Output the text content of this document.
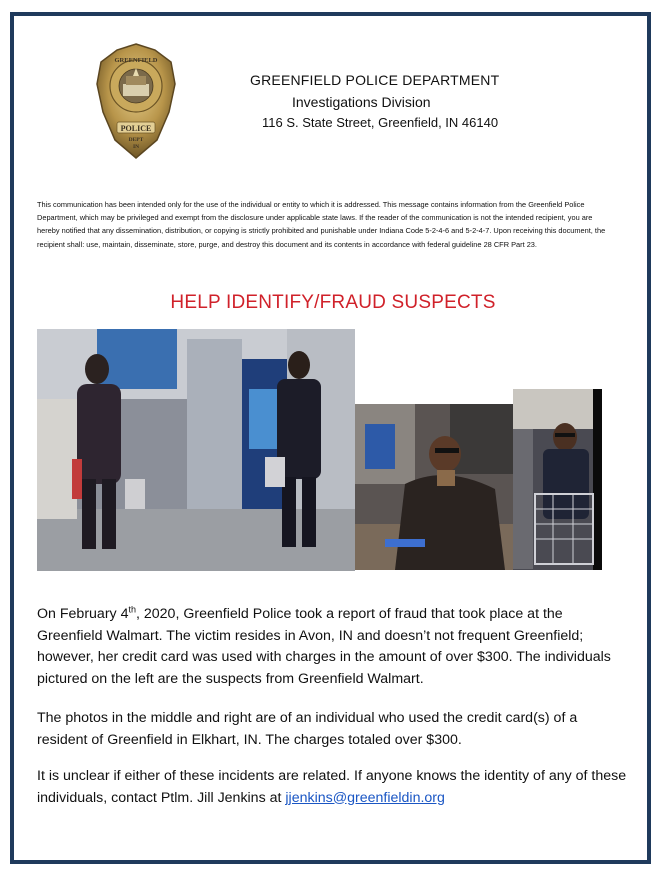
GREENFIELD
POLICE
DEPT
IN
GREENFIELD POLICE DEPARTMENT
Investigations Division
116 S. State Street, Greenfield, IN 46140
This communication has been intended only for the use of the individual or entity to which it is addressed. This message contains information from the Greenfield Police Department, which may be privileged and exempt from the disclosure under applicable state laws. If the reader of the communication is not the intended recipient, you are hereby notified that any dissemination, distribution, or copying is strictly prohibited and punishable under Indiana Code 5-2-4-6 and 5-2-4-7. Upon receiving this document, the recipient shall: use, maintain, disseminate, store, purge, and destroy this document and its contents in accordance with federal guideline 28 CFR Part 23.
HELP IDENTIFY/FRAUD SUSPECTS
On February 4th, 2020, Greenfield Police took a report of fraud that took place at the Greenfield Walmart. The victim resides in Avon, IN and doesn’t not frequent Greenfield; however, her credit card was used with charges in the amount of over $300. The individuals pictured on the left are the suspects from Greenfield Walmart.
The photos in the middle and right are of an individual who used the credit card(s) of a resident of Greenfield in Elkhart, IN. The charges totaled over $300.
It is unclear if either of these incidents are related. If anyone knows the identity of any of these individuals, contact Ptlm. Jill Jenkins at jjenkins@greenfieldin.org
